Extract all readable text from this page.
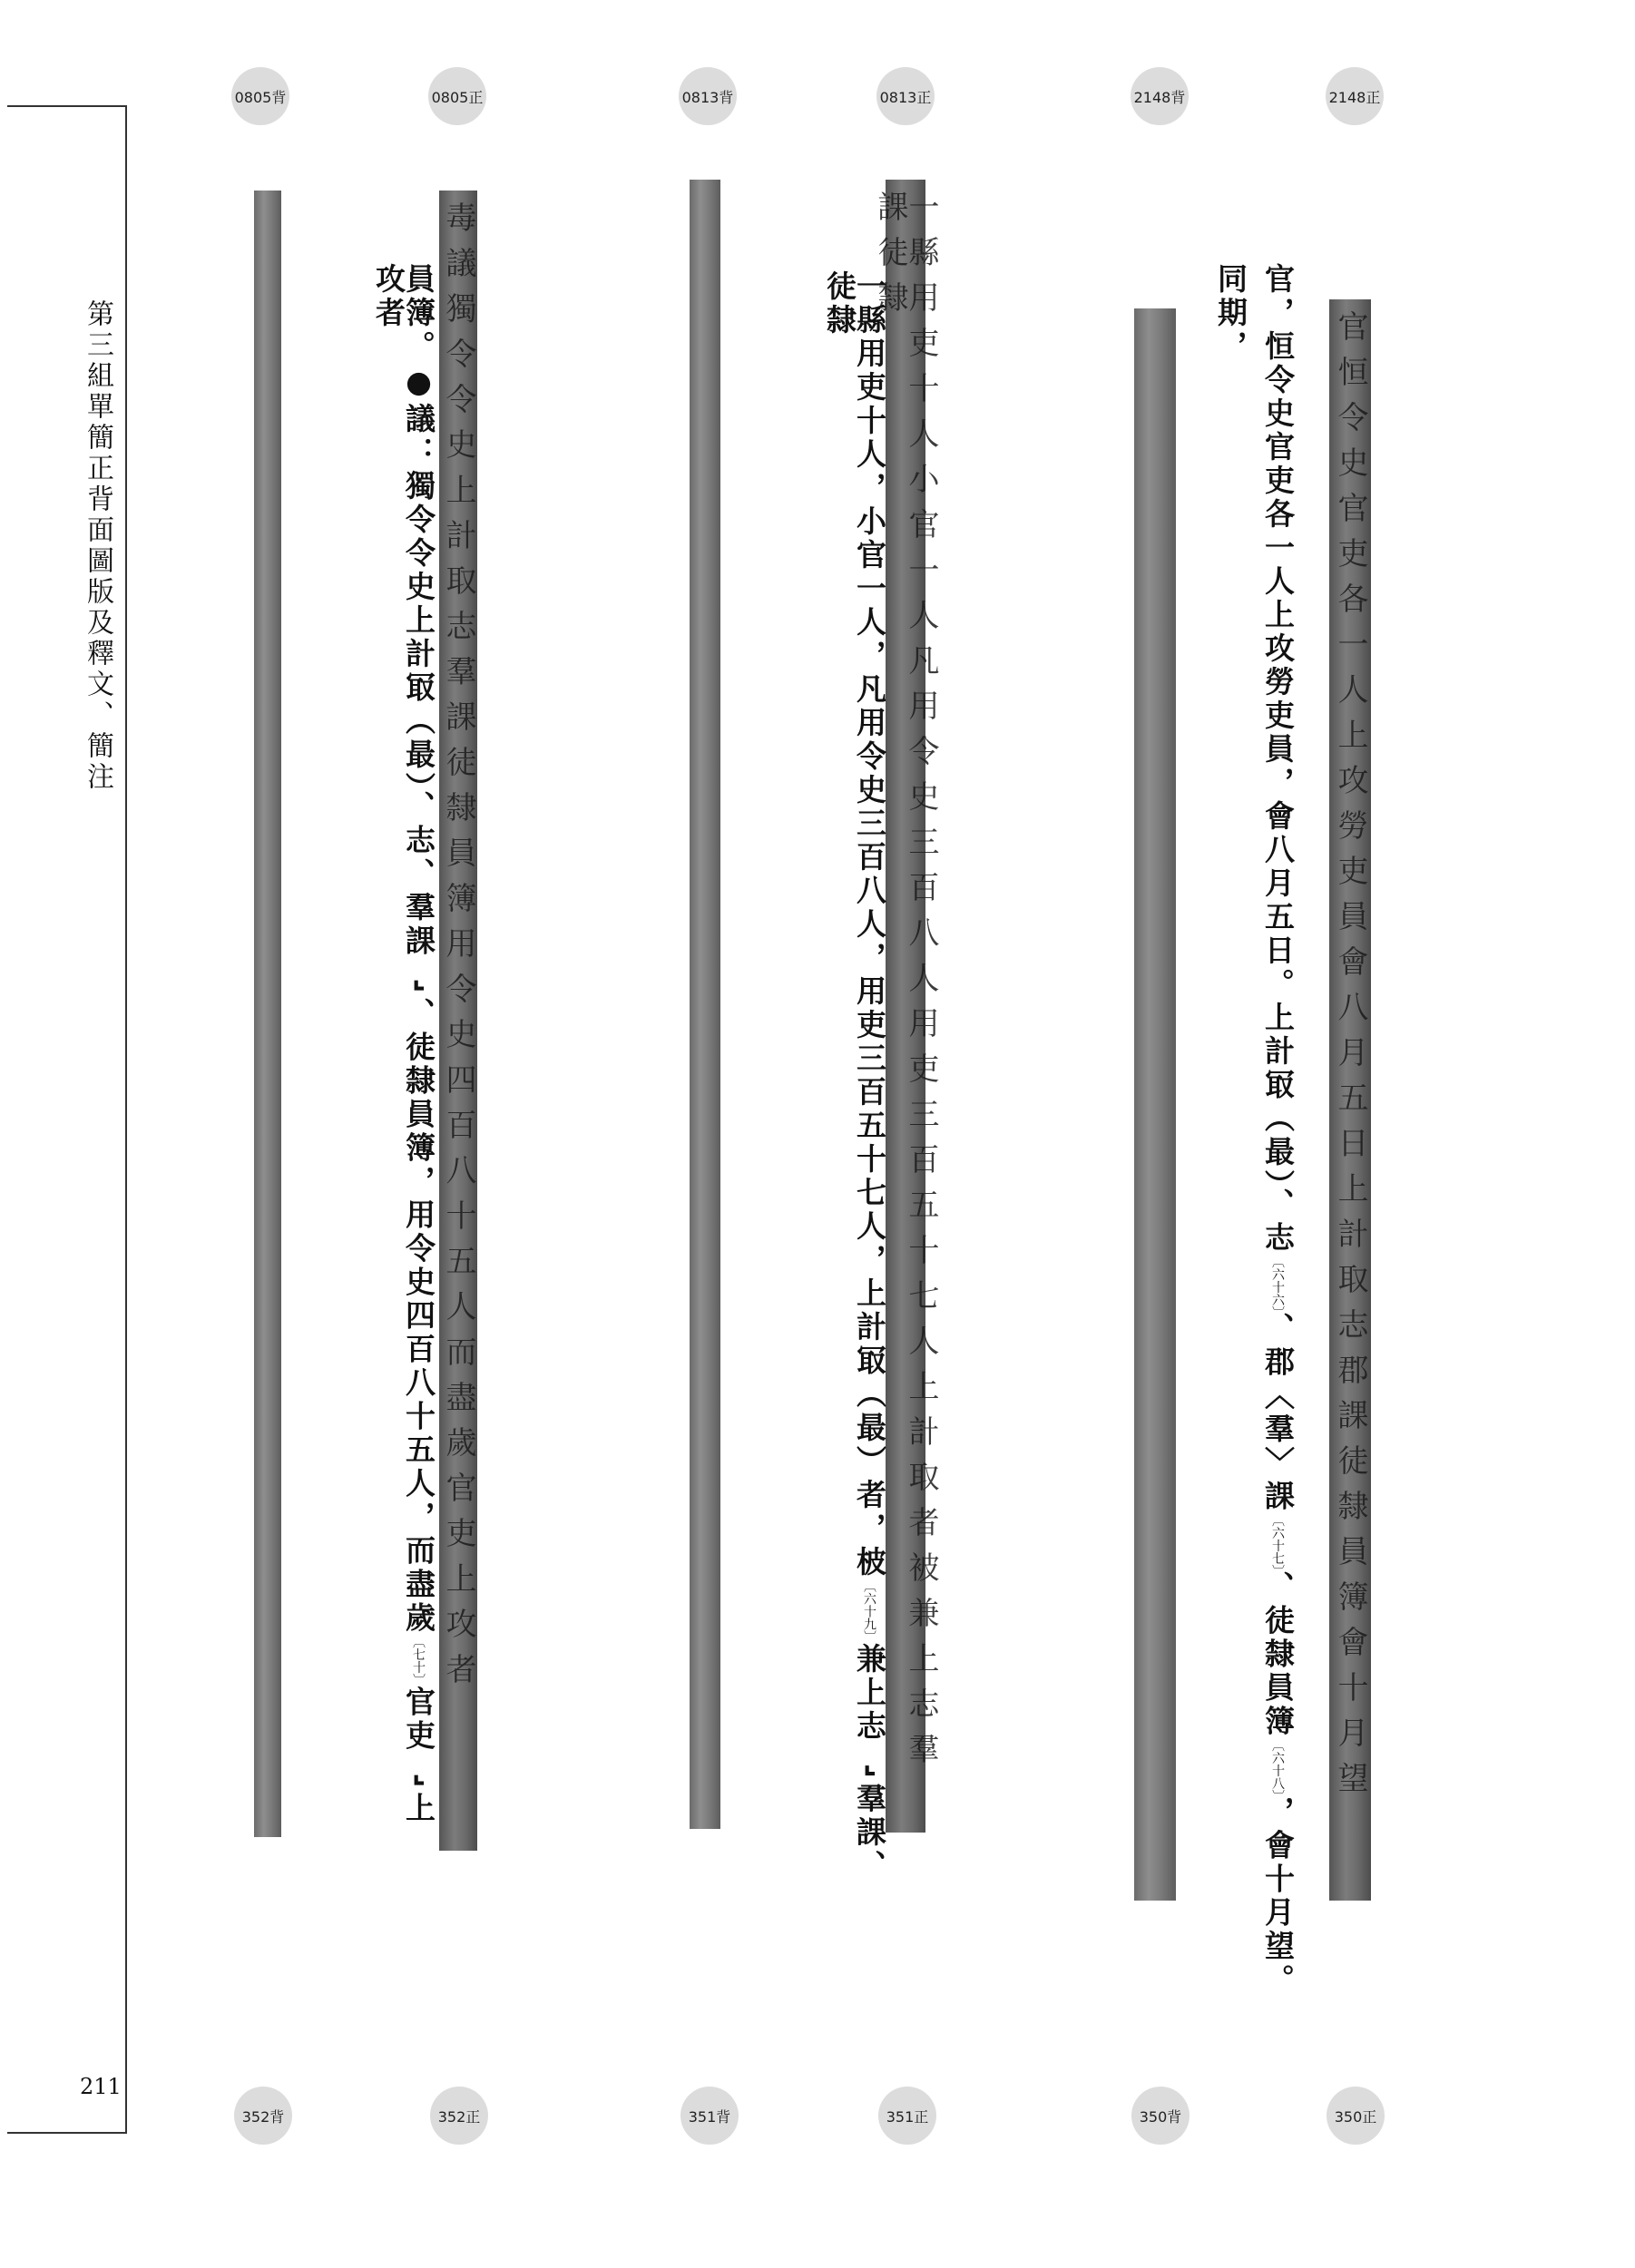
第三組單簡正背面圖版及釋文、簡注
211
0805背	0805正	0813背	0813正	2148背	2148正
352背	352正	351背	351正	350背	350正
毒議獨令令史上計取志羣課徒隸員簿用令史四百八十五人而盡歲官吏上攻者	一縣用吏十人小官一人凡用令史三百八人用吏三百五十七人上計取者被兼上志羣課徒隸
官恒令史官吏各一人上攻勞吏員會八月五日上計取志郡課徒隸員簿會十月望
官，恒令史官吏各一人上攻勞吏員，會八月五日。上計冣（最）、志〔六十六〕、郡〈羣〉課〔六十七〕、徒隸員簿〔六十八〕，會十月望。
同期，
一縣用吏十人，小官一人，凡用令史三百八人，用吏三百五十七人，上計冣（最）者，柀〔六十九〕兼上志⌞羣課、徒隸
員簿。●議：獨令令史上計冣（最）、志、羣課⌞、徒隸員簿，用令史四百八十五人，而盡歲〔七十〕官吏⌞上攻者
